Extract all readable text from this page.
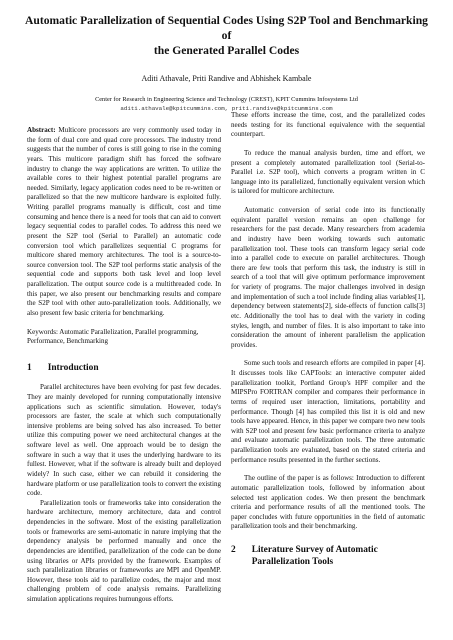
Automatic Parallelization of Sequential Codes Using S2P Tool and Benchmarking of
the Generated Parallel Codes
Aditi Athavale, Priti Randive and Abhishek Kambale
Center for Research in Engineering Science and Technology (CREST), KPIT Cummins Infosystems Ltd
aditi.athavale@kpitcummins.com, priti.randive@kpitcummins.com

Abstract: Multicore processors are very commonly used today in the form of dual core and quad core processors. The industry trend suggests that the number of cores is still going to rise in the coming years. This multicore paradigm shift has forced the software industry to change the way applications are written. To utilize the available cores to their highest potential parallel programs are needed. Similarly, legacy application codes need to be re-written or parallelized so that the new multicore hardware is exploited fully. Writing parallel programs manually is difficult, cost and time consuming and hence there is a need for tools that can aid to convert legacy sequential codes to parallel codes. To address this need we present the S2P tool (Serial to Parallel) an automatic code conversion tool which parallelizes sequential C programs for multicore shared memory architectures. The tool is a source-to-source conversion tool. The S2P tool performs static analysis of the sequential code and supports both task level and loop level parallelization. The output source code is a multithreaded code. In this paper, we also present our benchmarking results and compare the S2P tool with other auto-parallelization tools. Additionally, we also present few basic criteria for benchmarking.

Keywords: Automatic Parallelization, Parallel programming, Performance, Benchmarking

1 Introduction

Parallel architectures have been evolving for past few decades. They are mainly developed for running computationally intensive applications such as scientific simulation. However, today's processors are faster, the scale at which such computationally intensive problems are being solved has also increased. To better utilize this computing power we need architectural changes at the software level as well. One approach would be to design the software in such a way that it uses the underlying hardware to its fullest. However, what if the software is already built and deployed widely? In such case, either we can rebuild it considering the hardware platform or use parallelization tools to convert the existing code.

Parallelization tools or frameworks take into consideration the hardware architecture, memory architecture, data and control dependencies in the software. Most of the existing parallelization tools or frameworks are semi-automatic in nature implying that the dependency analysis be performed manually and once the dependencies are identified, parallelization of the code can be done using libraries or APIs provided by the framework. Examples of such parallelization libraries or frameworks are MPI and OpenMP. However, these tools aid to parallelize codes, the major and most challenging problem of code analysis remains. Parallelizing simulation applications requires humungous efforts.

These efforts increase the time, cost, and the parallelized codes needs testing for its functional equivalence with the sequential counterpart.

To reduce the manual analysis burden, time and effort, we present a completely automated parallelization tool (Serial-to-Parallel i.e. S2P tool), which converts a program written in C language into its parallelized, functionally equivalent version which is tailored for multicore architecture.

Automatic conversion of serial code into its functionally equivalent parallel version remains an open challenge for researchers for the past decade. Many researchers from academia and industry have been working towards such automatic parallelization tool. These tools can transform legacy serial code into a parallel code to execute on parallel architectures. Though there are few tools that perform this task, the industry is still in search of a tool that will give optimum performance improvement for variety of programs. The major challenges involved in design and implementation of such a tool include finding alias variables[1], dependency between statements[2], side-effects of function calls[3] etc. Additionally the tool has to deal with the variety in coding styles, length, and number of files. It is also important to take into consideration the amount of inherent parallelism the application provides.

Some such tools and research efforts are compiled in paper [4]. It discusses tools like CAPTools: an interactive computer aided parallelization toolkit, Portland Group's HPF compiler and the MIPSPro FORTRAN compiler and compares their performance in terms of required user interaction, limitations, portability and performance. Though [4] has compiled this list it is old and new tools have appeared. Hence, in this paper we compare two new tools with S2P tool and present few basic performance criteria to analyze and evaluate automatic parallelization tools. The three automatic parallelization tools are evaluated, based on the stated criteria and performance results presented in the further sections.

The outline of the paper is as follows: Introduction to different automatic parallelization tools, followed by information about selected test application codes. We then present the benchmark criteria and performance results of all the mentioned tools. The paper concludes with future opportunities in the field of automatic parallelization tools and their benchmarking.

2 Literature Survey of Automatic
Parallelization Tools
